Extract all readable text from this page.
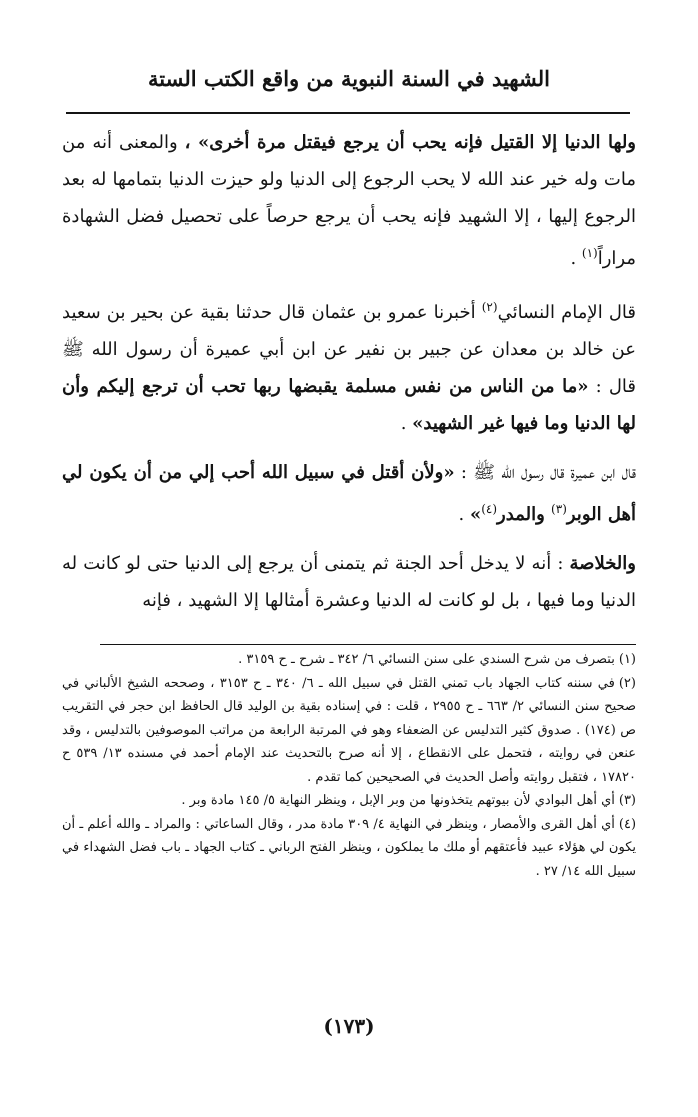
الشهيد في السنة النبوية من واقع الكتب الستة

ولها الدنيا إلا القتيل فإنه يحب أن يرجع فيقتل مرة أخرى» ، والمعنى أنه من مات وله خير عند الله لا يحب الرجوع إلى الدنيا ولو حيزت الدنيا بتمامها له بعد الرجوع إليها ، إلا الشهيد فإنه يحب أن يرجع حرصاً على تحصيل فضل الشهادة مراراً$^{(١)}$ .

قال الإمام النسائي$^{(٢)}$ أخبرنا عمرو بن عثمان قال حدثنا بقية عن بحير بن سعيد عن خالد بن معدان عن جبير بن نفير عن ابن أبي عميرة أن رسول الله ﷺ قال : «ما من الناس من نفس مسلمة يقبضها ربها تحب أن ترجع إليكم وأن لها الدنيا وما فيها غير الشهيد» .

قال ابن عميرة قال رسول الله ﷺ : «ولأن أقتل في سبيل الله أحب إلي من أن يكون لي أهل الوبر$^{(٣)}$ والمدر$^{(٤)}$» .

والخلاصة : أنه لا يدخل أحد الجنة ثم يتمنى أن يرجع إلى الدنيا حتى لو كانت له الدنيا وما فيها ، بل لو كانت له الدنيا وعشرة أمثالها إلا الشهيد ، فإنه

(١)بتصرف من شرح السندي على سنن النسائي ٦/ ٣٤٢ ـ شرح ـ ح ٣١٥٩ .

(٢)في سننه كتاب الجهاد باب تمني القتل في سبيل الله ـ ٦/ ٣٤٠ ـ ح ٣١٥٣ ، وصححه الشيخ الألباني في صحيح سنن النسائي ٢/ ٦٦٣ ـ ح ٢٩٥٥ ، قلت : في إسناده بقية بن الوليد قال الحافظ ابن حجر في التقريب ص (١٧٤) . صدوق كثير التدليس عن الضعفاء وهو في المرتبة الرابعة من مراتب الموصوفين بالتدليس ، وقد عنعن في روايته ، فتحمل على الانقطاع ، إلا أنه صرح بالتحديث عند الإمام أحمد في مسنده ١٣/ ٥٣٩ ح ١٧٨٢٠ ، فتقبل روايته وأصل الحديث في الصحيحين كما تقدم .

(٣)أي أهل البوادي لأن بيوتهم يتخذونها من وبر الإبل ، وينظر النهاية ٥/ ١٤٥ مادة وبر .

(٤)أي أهل القرى والأمصار ، وينظر في النهاية ٤/ ٣٠٩ مادة مدر ، وقال الساعاتي : والمراد ـ والله أعلم ـ أن يكون لي هؤلاء عبيد فأعتقهم أو ملك ما يملكون ، وينظر الفتح الرباني ـ كتاب الجهاد ـ باب فضل الشهداء في سبيل الله ١٤/ ٢٧ .

(١٧٣)
